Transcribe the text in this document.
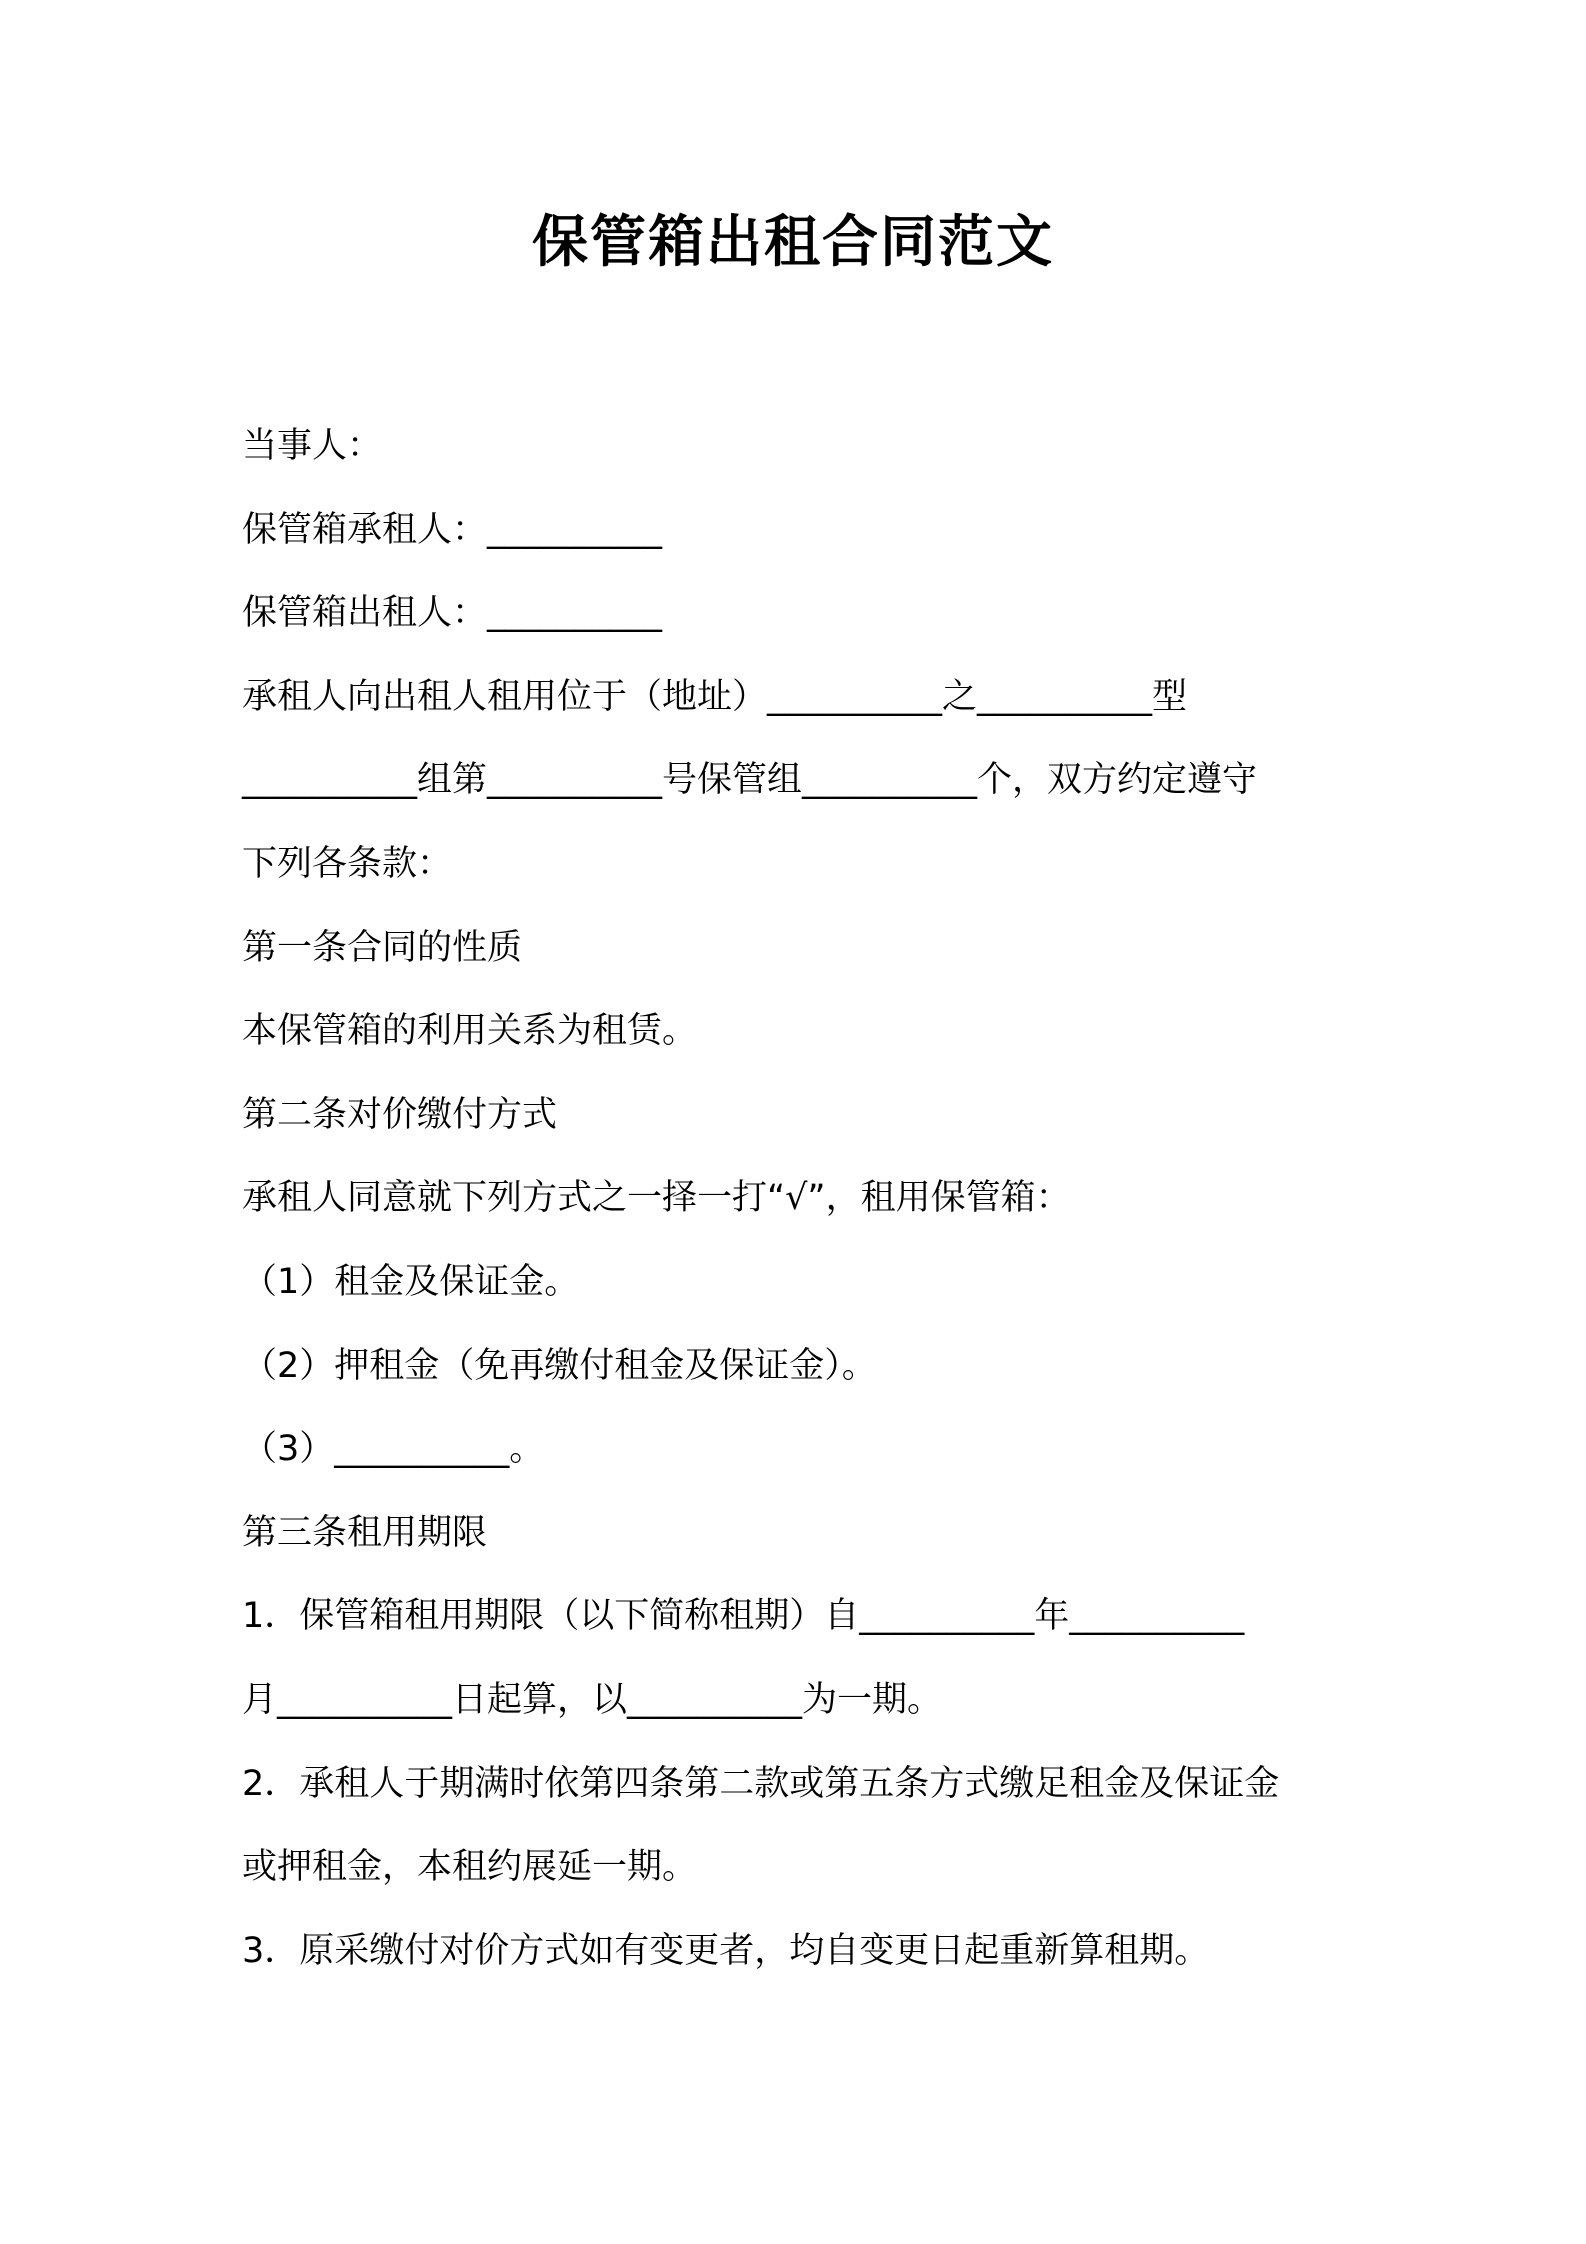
保管箱出租合同范文
当事人：
保管箱承租人：__________
保管箱出租人：__________
承租人向出租人租用位于（地址）__________之__________型
__________组第__________号保管组__________个，双方约定遵守
下列各条款：
第一条合同的性质
本保管箱的利用关系为租赁。
第二条对价缴付方式
承租人同意就下列方式之一择一打“√”，租用保管箱：
（1）租金及保证金。
（2）押租金（免再缴付租金及保证金）。
（3）__________。
第三条租用期限
1．保管箱租用期限（以下简称租期）自__________年__________
月__________日起算，以__________为一期。
2．承租人于期满时依第四条第二款或第五条方式缴足租金及保证金
或押租金，本租约展延一期。
3．原采缴付对价方式如有变更者，均自变更日起重新算租期。
